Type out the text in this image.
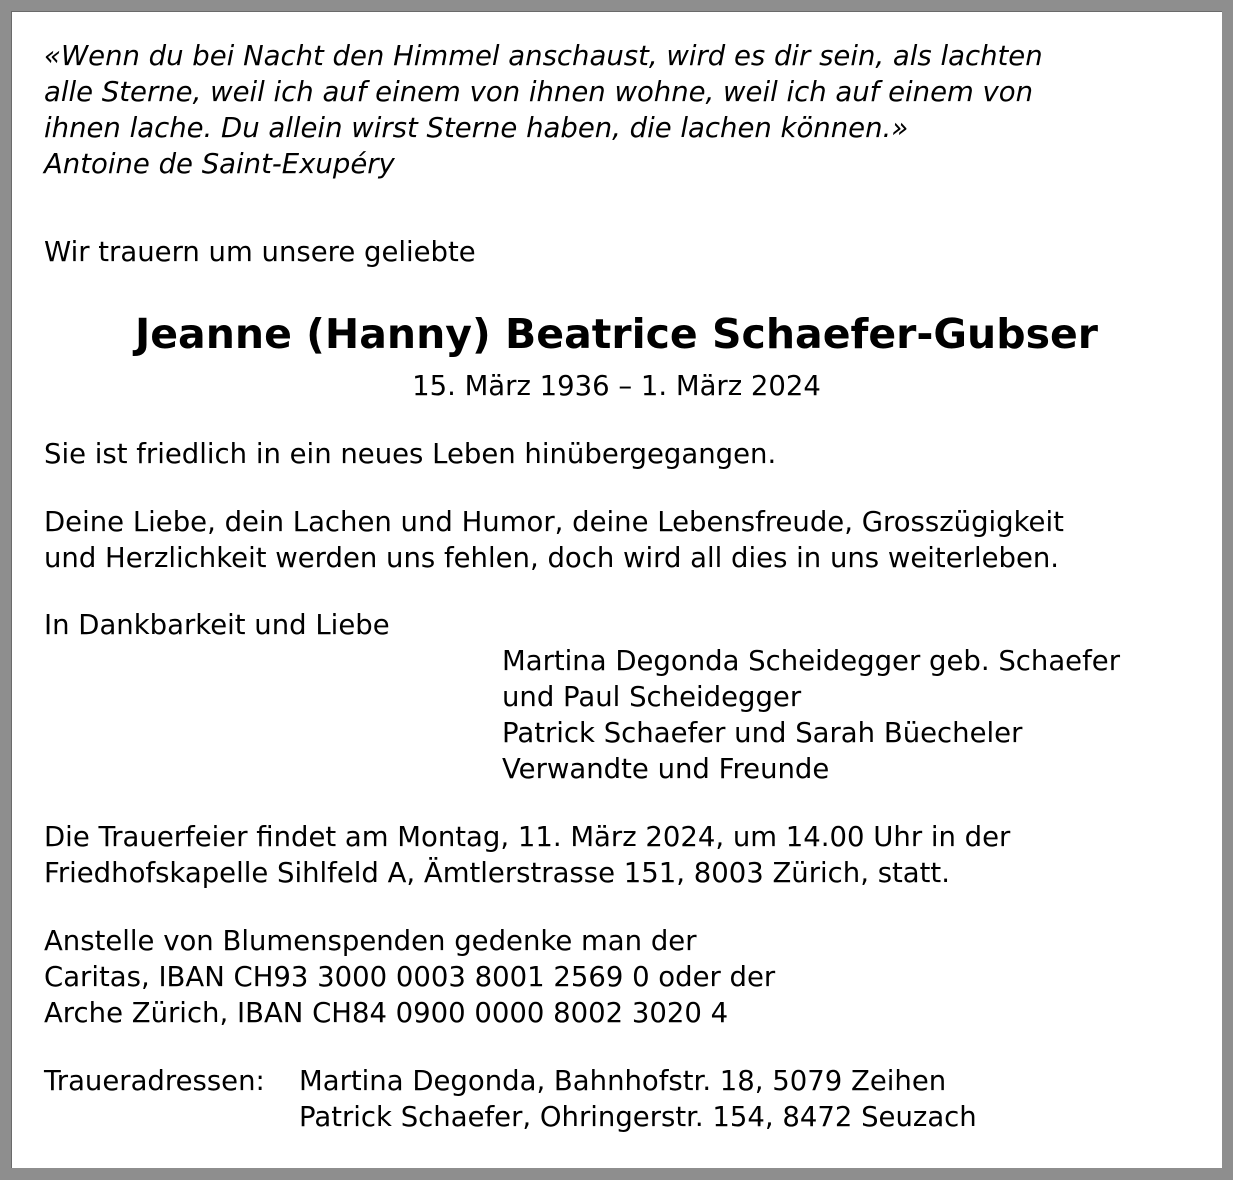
«Wenn du bei Nacht den Himmel anschaust, wird es dir sein, als lachten
alle Sterne, weil ich auf einem von ihnen wohne, weil ich auf einem von
ihnen lache. Du allein wirst Sterne haben, die lachen können.»
Antoine de Saint-Exupéry
Wir trauern um unsere geliebte
Jeanne (Hanny) Beatrice Schaefer-Gubser
15. März 1936 – 1. März 2024
Sie ist friedlich in ein neues Leben hinübergegangen.
Deine Liebe, dein Lachen und Humor, deine Lebensfreude, Grosszügigkeit
und Herzlichkeit werden uns fehlen, doch wird all dies in uns weiterleben.
In Dankbarkeit und Liebe
Martina Degonda Scheidegger geb. Schaefer
und Paul Scheidegger
Patrick Schaefer und Sarah Büecheler
Verwandte und Freunde
Die Trauerfeier findet am Montag, 11. März 2024, um 14.00 Uhr in der
Friedhofskapelle Sihlfeld A, Ämtlerstrasse 151, 8003 Zürich, statt.
Anstelle von Blumenspenden gedenke man der
Caritas, IBAN CH93 3000 0003 8001 2569 0 oder der
Arche Zürich, IBAN CH84 0900 0000 8002 3020 4
Traueradressen: Martina Degonda, Bahnhofstr. 18, 5079 Zeihen
Patrick Schaefer, Ohringerstr. 154, 8472 Seuzach
